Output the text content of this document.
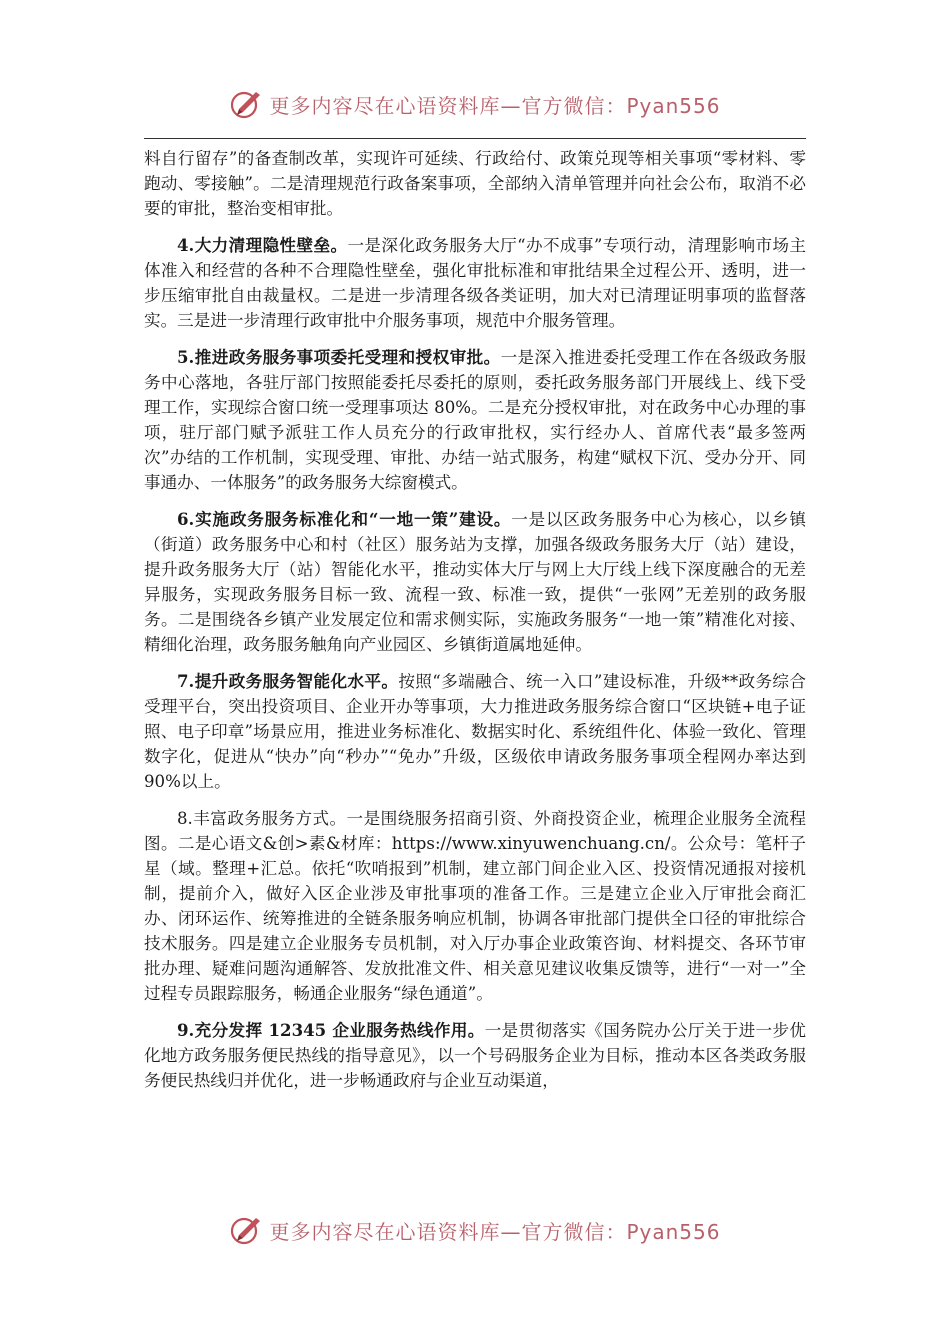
更多内容尽在心语资料库—官方微信：Pyan556

料自行留存”的备查制改革，实现许可延续、行政给付、政策兑现等相关事项“零材料、零跑动、零接触”。二是清理规范行政备案事项，全部纳入清单管理并向社会公布，取消不必要的审批，整治变相审批。

4.大力清理隐性壁垒。一是深化政务服务大厅“办不成事”专项行动，清理影响市场主体准入和经营的各种不合理隐性壁垒，强化审批标准和审批结果全过程公开、透明，进一步压缩审批自由裁量权。二是进一步清理各级各类证明，加大对已清理证明事项的监督落实。三是进一步清理行政审批中介服务事项，规范中介服务管理。

5.推进政务服务事项委托受理和授权审批。一是深入推进委托受理工作在各级政务服务中心落地，各驻厅部门按照能委托尽委托的原则，委托政务服务部门开展线上、线下受理工作，实现综合窗口统一受理事项达 80%。二是充分授权审批，对在政务中心办理的事项，驻厅部门赋予派驻工作人员充分的行政审批权，实行经办人、首席代表“最多签两次”办结的工作机制，实现受理、审批、办结一站式服务，构建“赋权下沉、受办分开、同事通办、一体服务”的政务服务大综窗模式。

6.实施政务服务标准化和“一地一策”建设。一是以区政务服务中心为核心，以乡镇（街道）政务服务中心和村（社区）服务站为支撑，加强各级政务服务大厅（站）建设，提升政务服务大厅（站）智能化水平，推动实体大厅与网上大厅线上线下深度融合的无差异服务，实现政务服务目标一致、流程一致、标准一致，提供“一张网”无差别的政务服务。二是围绕各乡镇产业发展定位和需求侧实际，实施政务服务“一地一策”精准化对接、精细化治理，政务服务触角向产业园区、乡镇街道属地延伸。

7.提升政务服务智能化水平。按照“多端融合、统一入口”建设标准，升级**政务综合受理平台，突出投资项目、企业开办等事项，大力推进政务服务综合窗口“区块链+电子证照、电子印章”场景应用，推进业务标准化、数据实时化、系统组件化、体验一致化、管理数字化，促进从“快办”向“秒办”“免办”升级，区级依申请政务服务事项全程网办率达到90%以上。

8.丰富政务服务方式。一是围绕服务招商引资、外商投资企业，梳理企业服务全流程图。二是心语文&创>素&材库：https://www.xinyuwenchuang.cn/。公众号：笔杆子星（域。整理+汇总。依托“吹哨报到”机制，建立部门间企业入区、投资情况通报对接机制，提前介入，做好入区企业涉及审批事项的准备工作。三是建立企业入厅审批会商汇办、闭环运作、统筹推进的全链条服务响应机制，协调各审批部门提供全口径的审批综合技术服务。四是建立企业服务专员机制，对入厅办事企业政策咨询、材料提交、各环节审批办理、疑难问题沟通解答、发放批准文件、相关意见建议收集反馈等，进行“一对一”全过程专员跟踪服务，畅通企业服务“绿色通道”。

9.充分发挥 12345 企业服务热线作用。一是贯彻落实《国务院办公厅关于进一步优化地方政务服务便民热线的指导意见》，以一个号码服务企业为目标，推动本区各类政务服务便民热线归并优化，进一步畅通政府与企业互动渠道，

更多内容尽在心语资料库—官方微信：Pyan556
